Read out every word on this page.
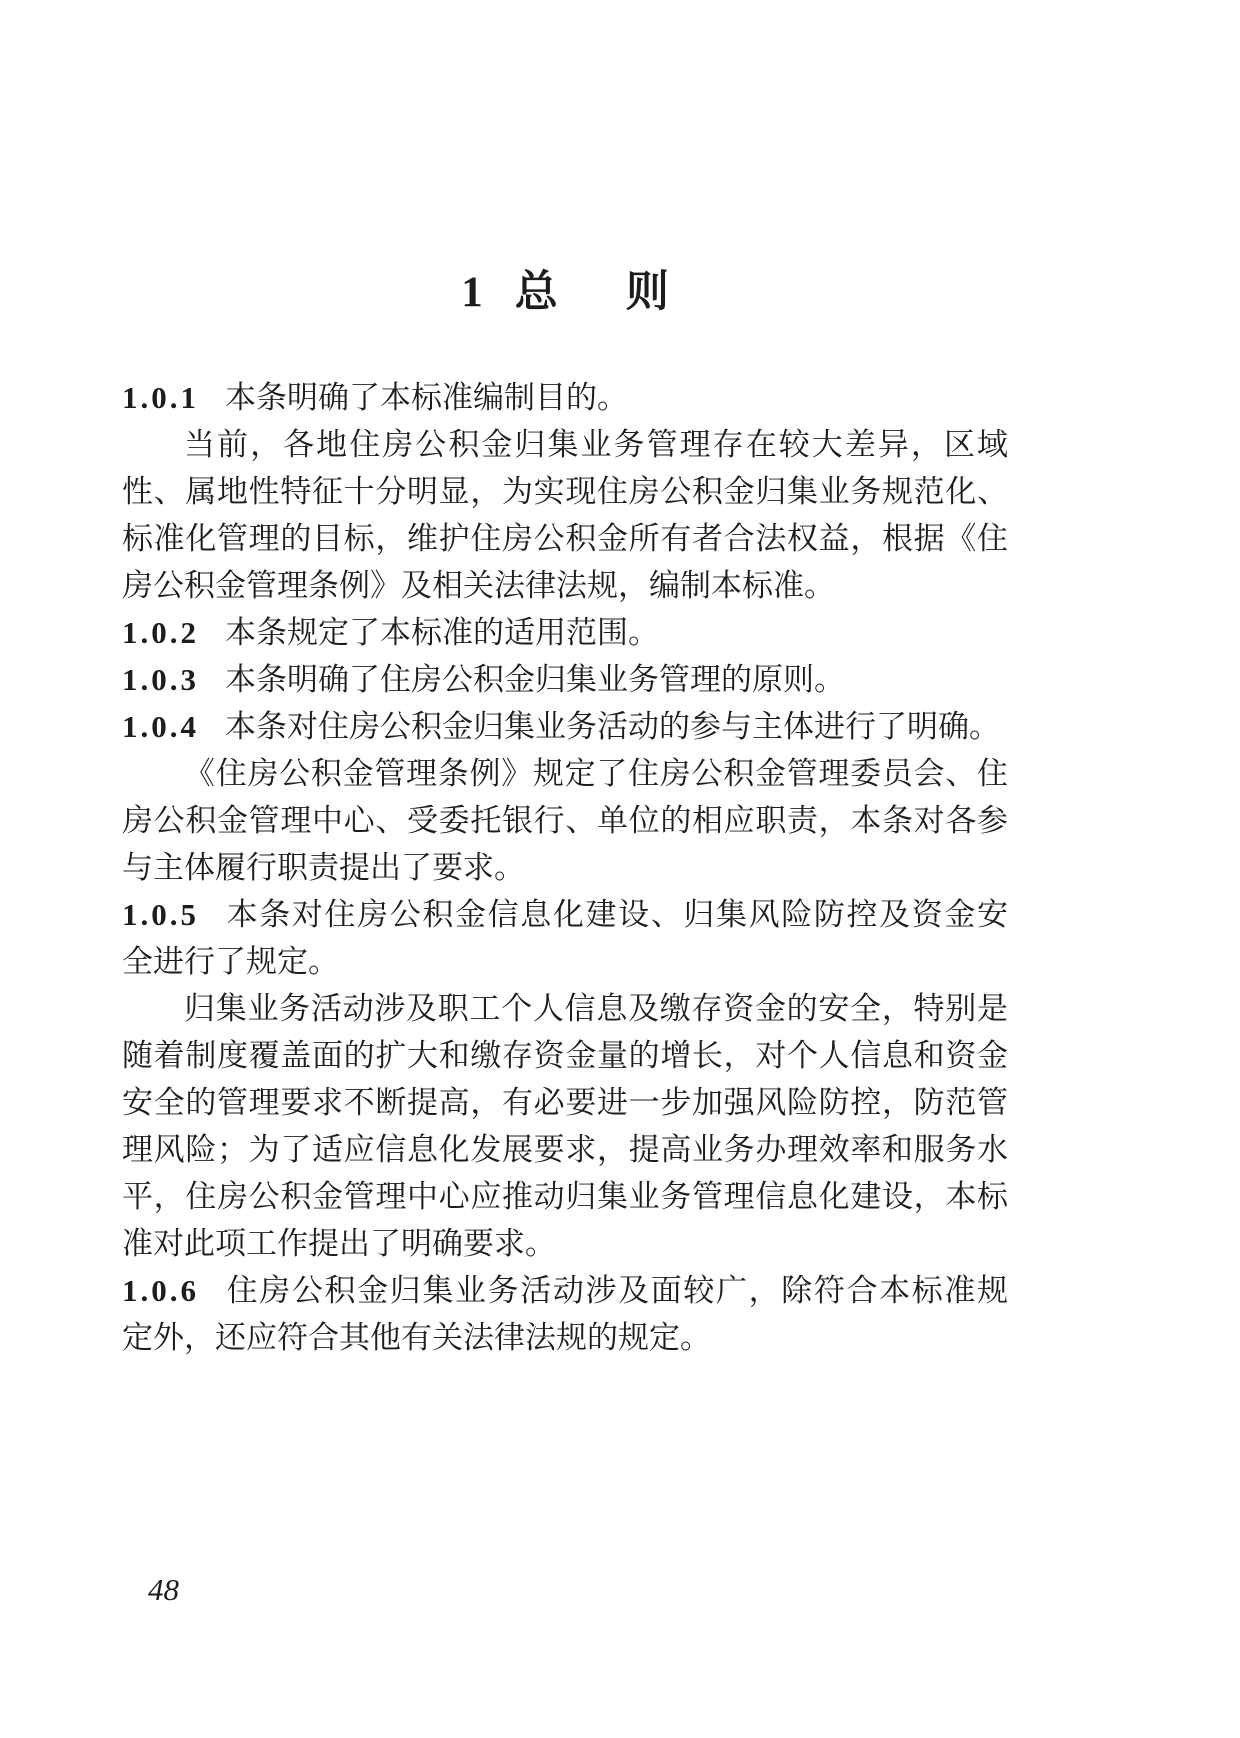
1 总 则
1.0.1 本条明确了本标准编制目的。
当前，各地住房公积金归集业务管理存在较大差异，区域
性、属地性特征十分明显，为实现住房公积金归集业务规范化、
标准化管理的目标，维护住房公积金所有者合法权益，根据《住
房公积金管理条例》及相关法律法规，编制本标准。
1.0.2 本条规定了本标准的适用范围。
1.0.3 本条明确了住房公积金归集业务管理的原则。
1.0.4 本条对住房公积金归集业务活动的参与主体进行了明确。
《住房公积金管理条例》规定了住房公积金管理委员会、住
房公积金管理中心、受委托银行、单位的相应职责，本条对各参
与主体履行职责提出了要求。
1.0.5 本条对住房公积金信息化建设、归集风险防控及资金安
全进行了规定。
归集业务活动涉及职工个人信息及缴存资金的安全，特别是
随着制度覆盖面的扩大和缴存资金量的增长，对个人信息和资金
安全的管理要求不断提高，有必要进一步加强风险防控，防范管
理风险；为了适应信息化发展要求，提高业务办理效率和服务水
平，住房公积金管理中心应推动归集业务管理信息化建设，本标
准对此项工作提出了明确要求。
1.0.6 住房公积金归集业务活动涉及面较广，除符合本标准规
定外，还应符合其他有关法律法规的规定。
48
